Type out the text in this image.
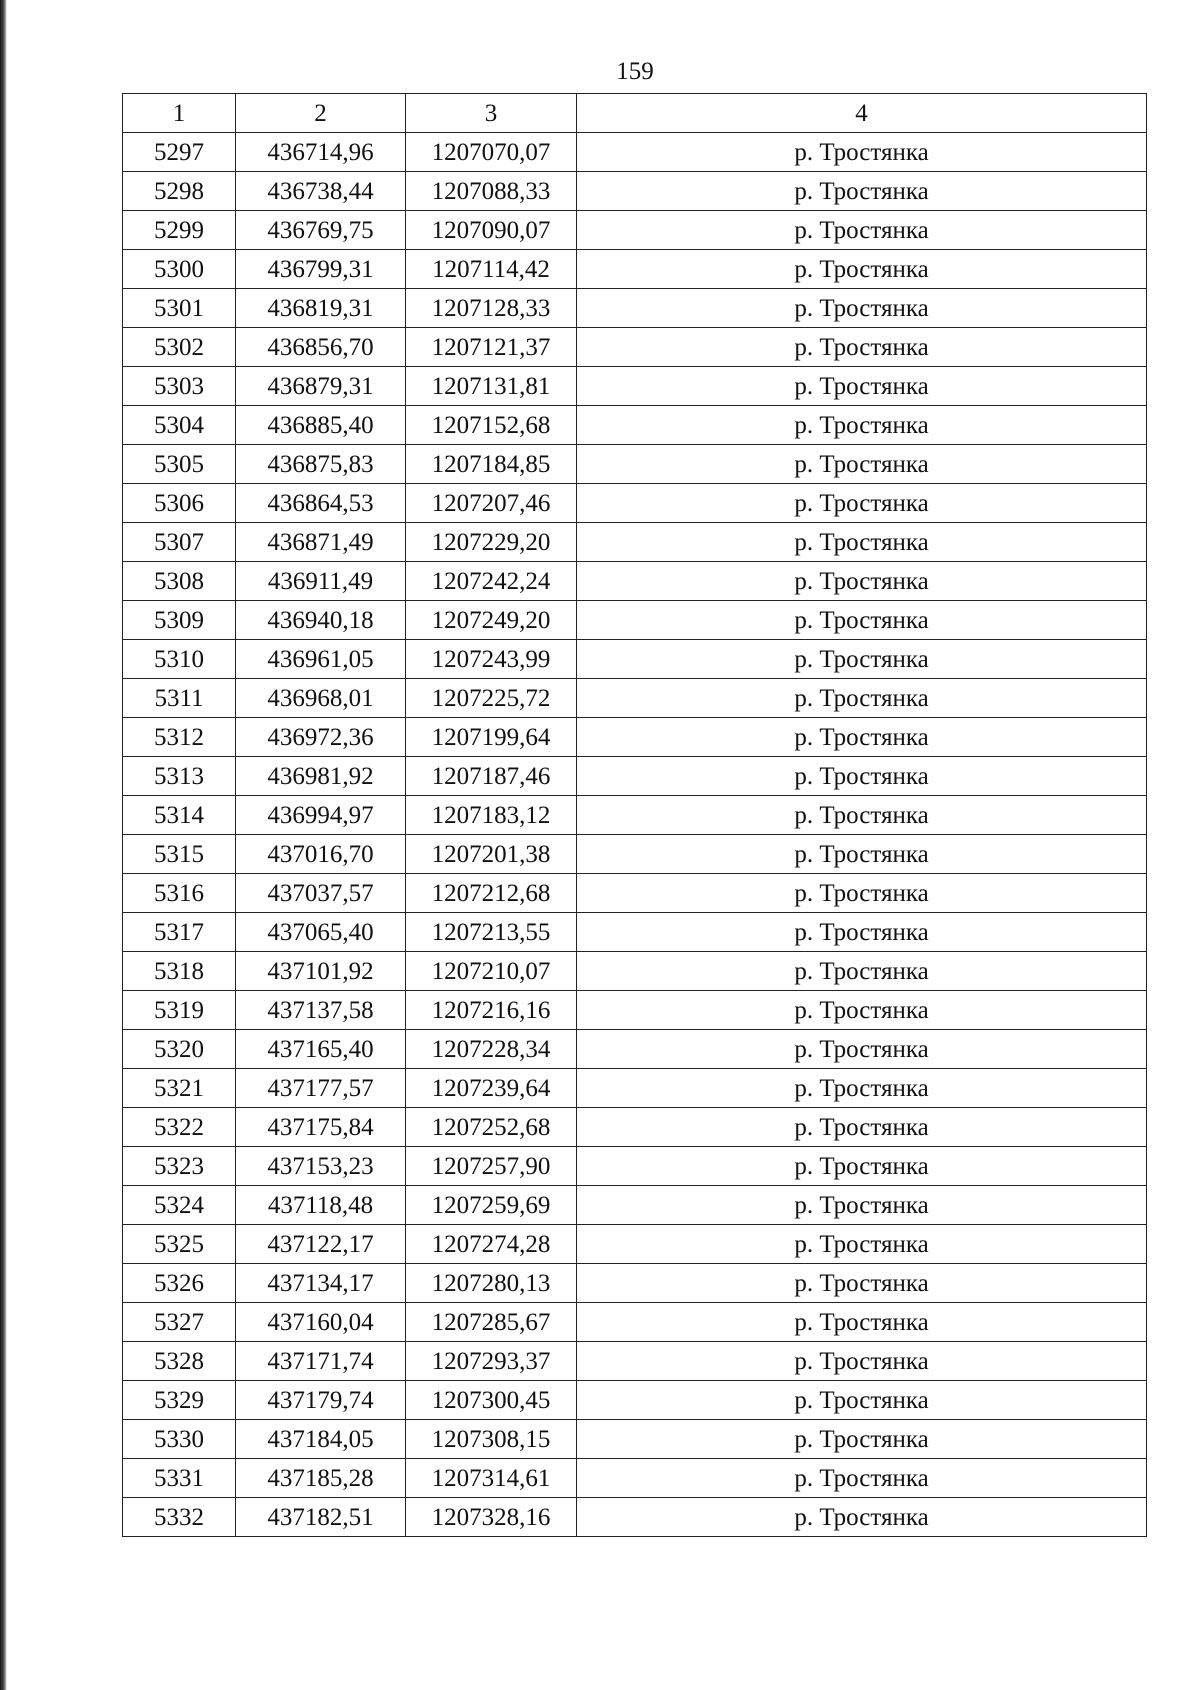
159
1	2	3	4
5297	436714,96	1207070,07	р. Тростянка
5298	436738,44	1207088,33	р. Тростянка
5299	436769,75	1207090,07	р. Тростянка
5300	436799,31	1207114,42	р. Тростянка
5301	436819,31	1207128,33	р. Тростянка
5302	436856,70	1207121,37	р. Тростянка
5303	436879,31	1207131,81	р. Тростянка
5304	436885,40	1207152,68	р. Тростянка
5305	436875,83	1207184,85	р. Тростянка
5306	436864,53	1207207,46	р. Тростянка
5307	436871,49	1207229,20	р. Тростянка
5308	436911,49	1207242,24	р. Тростянка
5309	436940,18	1207249,20	р. Тростянка
5310	436961,05	1207243,99	р. Тростянка
5311	436968,01	1207225,72	р. Тростянка
5312	436972,36	1207199,64	р. Тростянка
5313	436981,92	1207187,46	р. Тростянка
5314	436994,97	1207183,12	р. Тростянка
5315	437016,70	1207201,38	р. Тростянка
5316	437037,57	1207212,68	р. Тростянка
5317	437065,40	1207213,55	р. Тростянка
5318	437101,92	1207210,07	р. Тростянка
5319	437137,58	1207216,16	р. Тростянка
5320	437165,40	1207228,34	р. Тростянка
5321	437177,57	1207239,64	р. Тростянка
5322	437175,84	1207252,68	р. Тростянка
5323	437153,23	1207257,90	р. Тростянка
5324	437118,48	1207259,69	р. Тростянка
5325	437122,17	1207274,28	р. Тростянка
5326	437134,17	1207280,13	р. Тростянка
5327	437160,04	1207285,67	р. Тростянка
5328	437171,74	1207293,37	р. Тростянка
5329	437179,74	1207300,45	р. Тростянка
5330	437184,05	1207308,15	р. Тростянка
5331	437185,28	1207314,61	р. Тростянка
5332	437182,51	1207328,16	р. Тростянка
